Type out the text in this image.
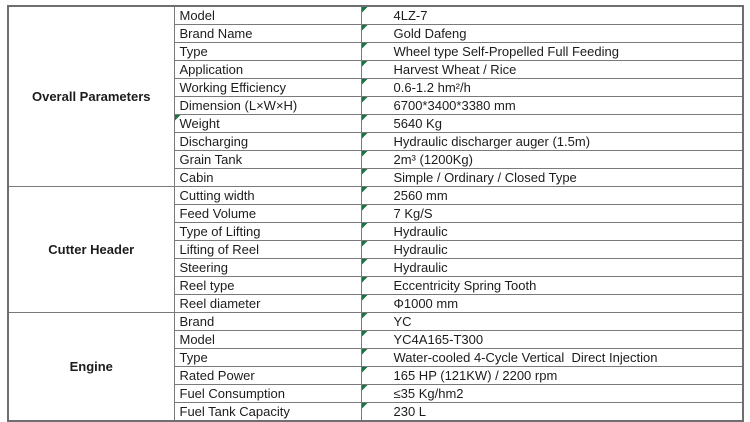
Overall Parameters	Model	4LZ-7

	Brand Name	Gold Dafeng

	Type	Wheel type Self-Propelled Full Feeding

	Application	Harvest Wheat / Rice

	Working Efficiency	0.6-1.2 hm²/h

	Dimension (L×W×H)	6700*3400*3380 mm

	Weight	5640 Kg

	Discharging	Hydraulic discharger auger (1.5m)

	Grain Tank	2m³ (1200Kg)

	Cabin	Simple / Ordinary / Closed Type

Cutter Header	Cutting width	2560 mm

	Feed Volume	7 Kg/S

	Type of Lifting	Hydraulic

	Lifting of Reel	Hydraulic

	Steering	Hydraulic

	Reel type	Eccentricity Spring Tooth

	Reel diameter	Φ1000 mm

Engine	Brand	YC

	Model	YC4A165-T300

	Type	Water-cooled 4-Cycle Vertical  Direct Injection

	Rated Power	165 HP (121KW) / 2200 rpm

	Fuel Consumption	≤35 Kg/hm2

	Fuel Tank Capacity	230 L
